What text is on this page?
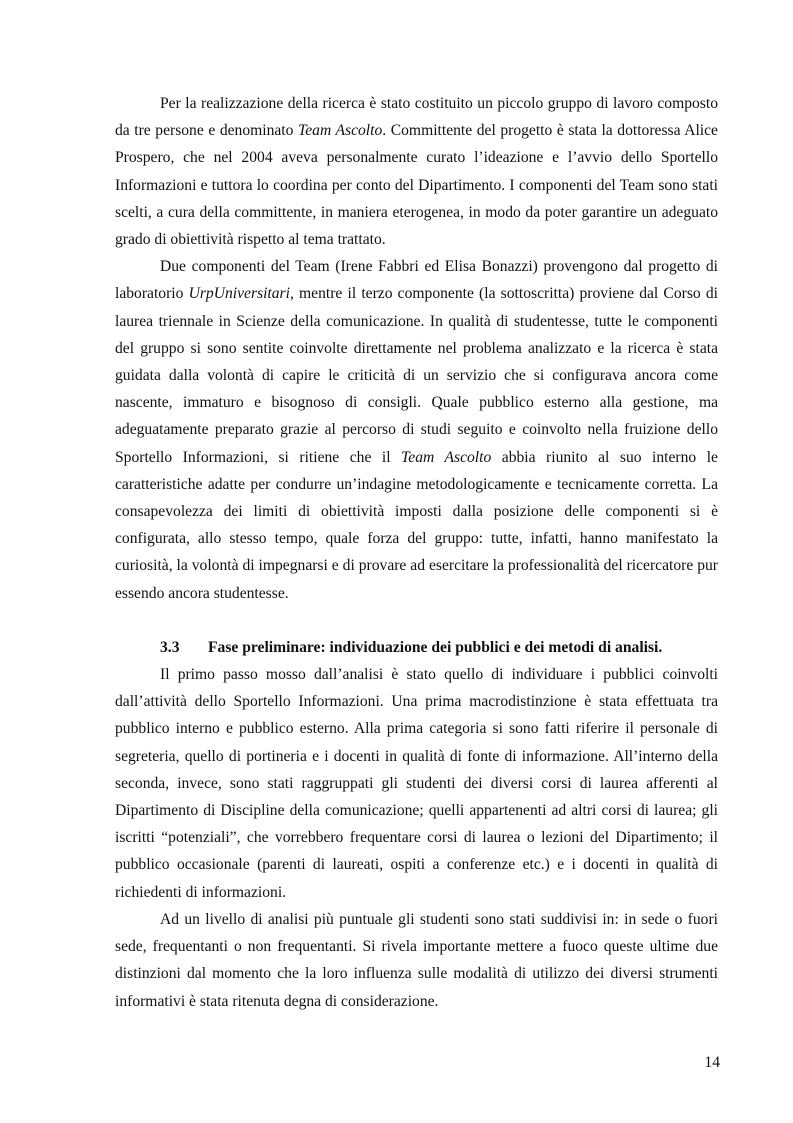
Per la realizzazione della ricerca è stato costituito un piccolo gruppo di lavoro composto da tre persone e denominato Team Ascolto. Committente del progetto è stata la dottoressa Alice Prospero, che nel 2004 aveva personalmente curato l’ideazione e l’avvio dello Sportello Informazioni e tuttora lo coordina per conto del Dipartimento. I componenti del Team sono stati scelti, a cura della committente, in maniera eterogenea, in modo da poter garantire un adeguato grado di obiettività rispetto al tema trattato.

Due componenti del Team (Irene Fabbri ed Elisa Bonazzi) provengono dal progetto di laboratorio UrpUniversitari, mentre il terzo componente (la sottoscritta) proviene dal Corso di laurea triennale in Scienze della comunicazione. In qualità di studentesse, tutte le componenti del gruppo si sono sentite coinvolte direttamente nel problema analizzato e la ricerca è stata guidata dalla volontà di capire le criticità di un servizio che si configurava ancora come nascente, immaturo e bisognoso di consigli. Quale pubblico esterno alla gestione, ma adeguatamente preparato grazie al percorso di studi seguito e coinvolto nella fruizione dello Sportello Informazioni, si ritiene che il Team Ascolto abbia riunito al suo interno le caratteristiche adatte per condurre un’indagine metodologicamente e tecnicamente corretta. La consapevolezza dei limiti di obiettività imposti dalla posizione delle componenti si è configurata, allo stesso tempo, quale forza del gruppo: tutte, infatti, hanno manifestato la curiosità, la volontà di impegnarsi e di provare ad esercitare la professionalità del ricercatore pur essendo ancora studentesse.

3.3 Fase preliminare: individuazione dei pubblici e dei metodi di analisi.

Il primo passo mosso dall’analisi è stato quello di individuare i pubblici coinvolti dall’attività dello Sportello Informazioni. Una prima macrodistinzione è stata effettuata tra pubblico interno e pubblico esterno. Alla prima categoria si sono fatti riferire il personale di segreteria, quello di portineria e i docenti in qualità di fonte di informazione. All’interno della seconda, invece, sono stati raggruppati gli studenti dei diversi corsi di laurea afferenti al Dipartimento di Discipline della comunicazione; quelli appartenenti ad altri corsi di laurea; gli iscritti “potenziali”, che vorrebbero frequentare corsi di laurea o lezioni del Dipartimento; il pubblico occasionale (parenti di laureati, ospiti a conferenze etc.) e i docenti in qualità di richiedenti di informazioni.

Ad un livello di analisi più puntuale gli studenti sono stati suddivisi in: in sede o fuori sede, frequentanti o non frequentanti. Si rivela importante mettere a fuoco queste ultime due distinzioni dal momento che la loro influenza sulle modalità di utilizzo dei diversi strumenti informativi è stata ritenuta degna di considerazione.

14
